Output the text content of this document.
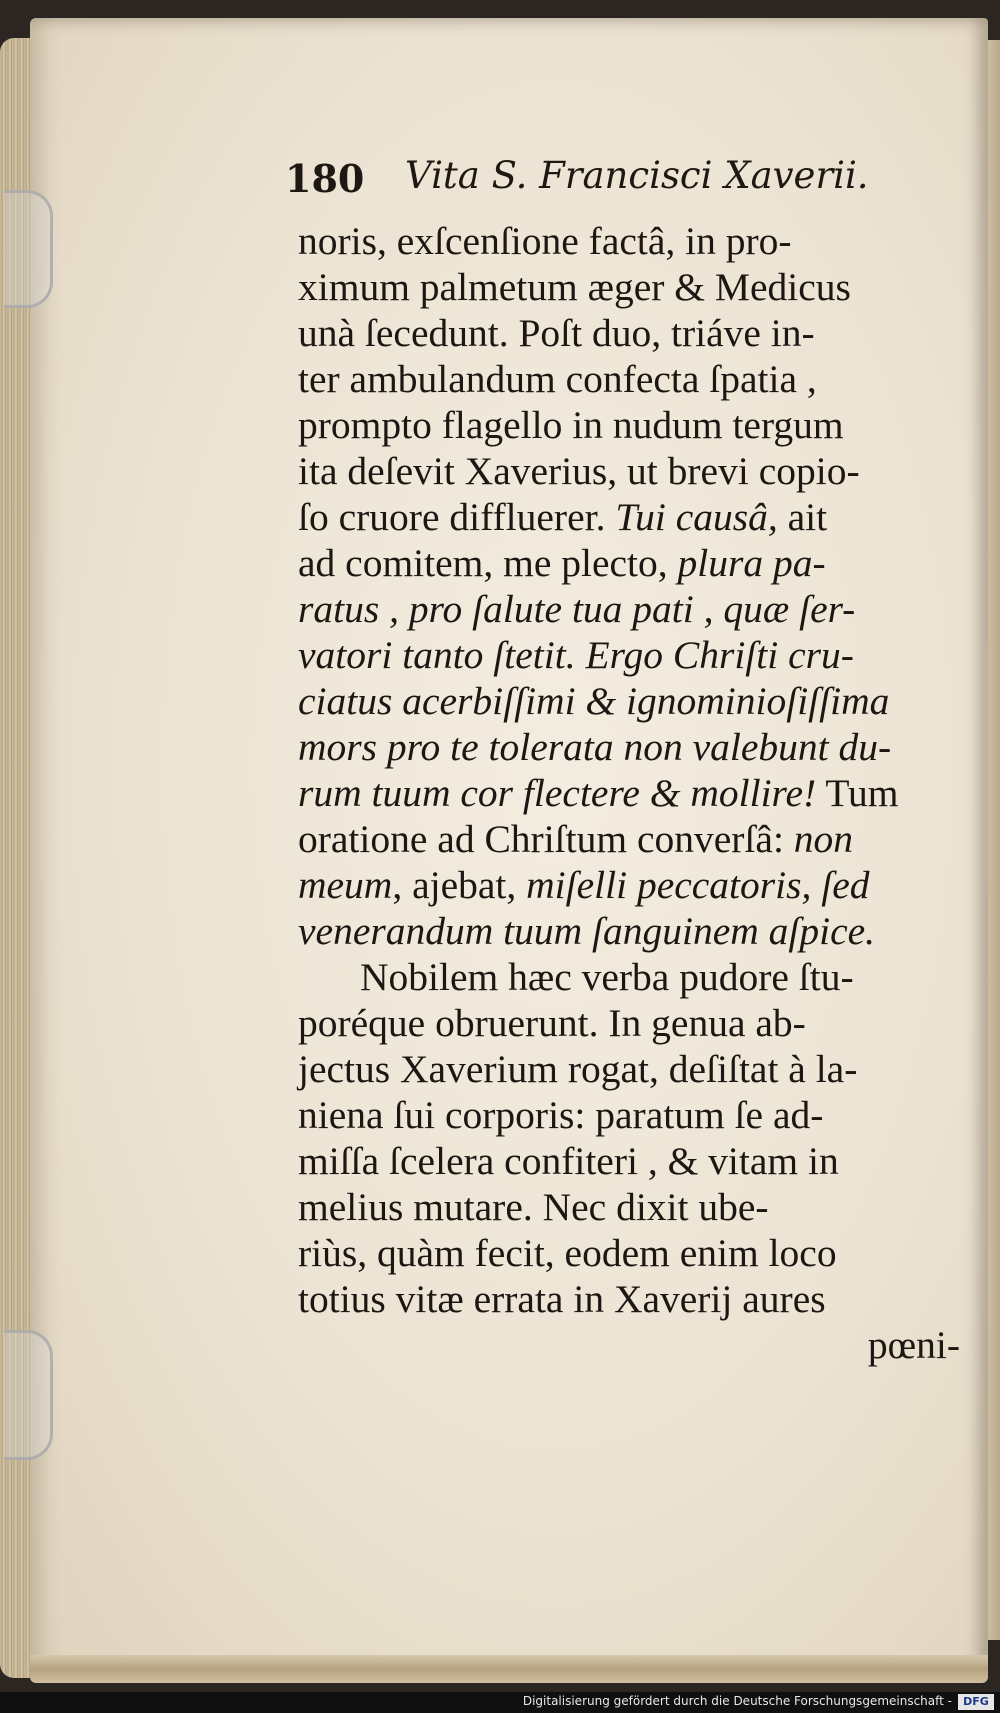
180 Vita S. Francisci Xaverii.
noris, exſcenſione factâ, in pro-
ximum palmetum æger & Medicus
unà ſecedunt. Poſt duo, triáve in-
ter ambulandum confecta ſpatia ,
prompto flagello in nudum tergum
ita deſevit Xaverius, ut brevi copio-
ſo cruore diffluerer. Tui causâ, ait
ad comitem, me plecto, plura pa-
ratus , pro ſalute tua pati , quæ ſer-
vatori tanto ſtetit. Ergo Chriſti cru-
ciatus acerbiſſimi & ignominioſiſſima
mors pro te tolerata non valebunt du-
rum tuum cor flectere & mollire! Tum
oratione ad Chriſtum converſâ: non
meum, ajebat, miſelli peccatoris, ſed
venerandum tuum ſanguinem aſpice.
Nobilem hæc verba pudore ſtu-
poréque obruerunt. In genua ab-
jectus Xaverium rogat, deſiſtat à la-
niena ſui corporis: paratum ſe ad-
miſſa ſcelera confiteri , & vitam in
melius mutare. Nec dixit ube-
riùs, quàm fecit, eodem enim loco
totius vitæ errata in Xaverij aures
pœni-
Digitalisierung gefördert durch die Deutsche Forschungsgemeinschaft -	DFG
